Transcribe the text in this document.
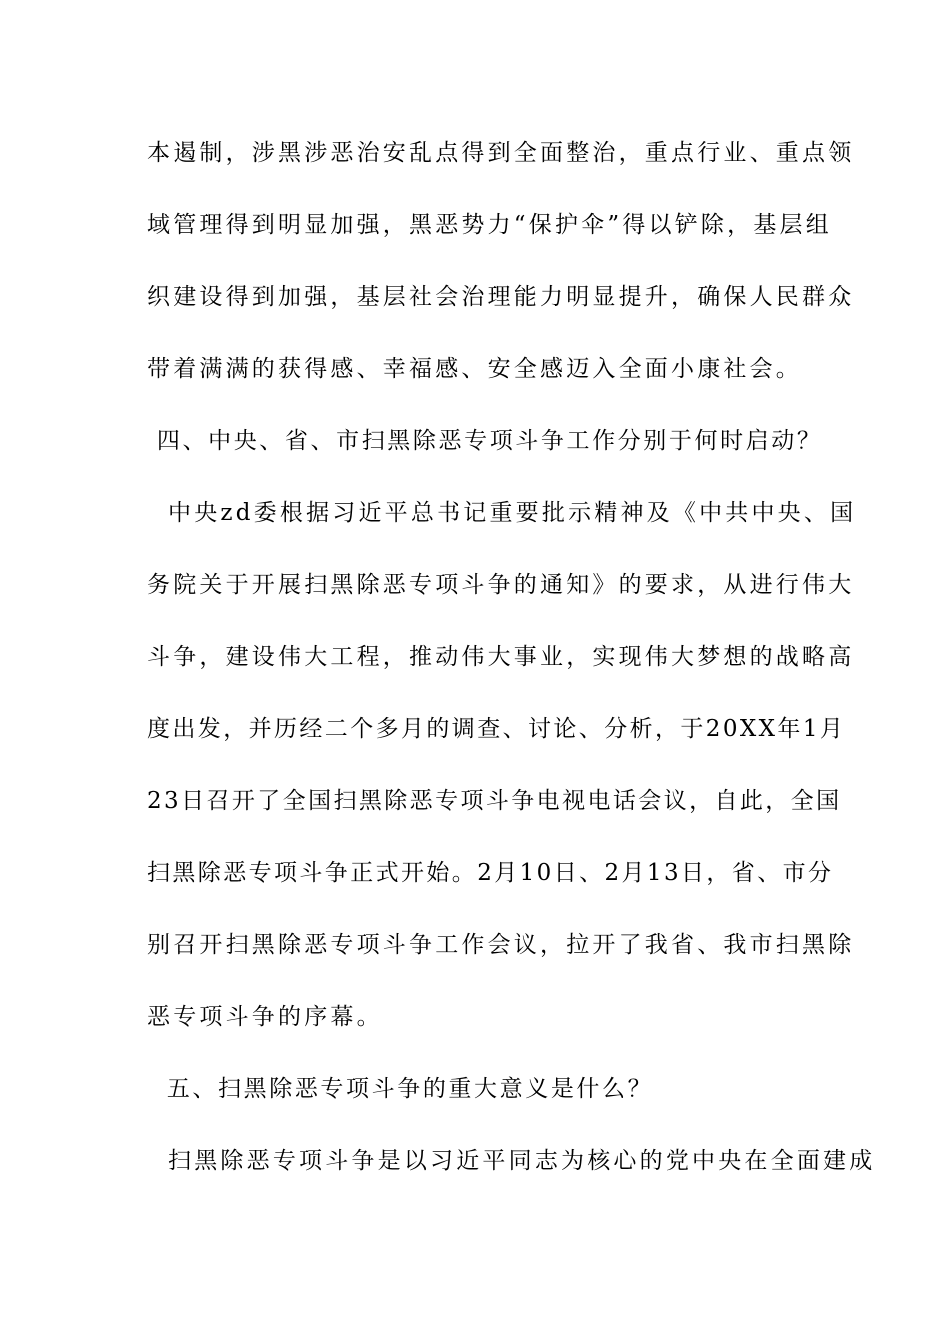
本遏制，涉黑涉恶治安乱点得到全面整治，重点行业、重点领
域管理得到明显加强，黑恶势力“保护伞”得以铲除，基层组
织建设得到加强，基层社会治理能力明显提升，确保人民群众
带着满满的获得感、幸福感、安全感迈入全面小康社会。
四、中央、省、市扫黑除恶专项斗争工作分别于何时启动？
中央zd委根据习近平总书记重要批示精神及《中共中央、国
务院关于开展扫黑除恶专项斗争的通知》的要求，从进行伟大
斗争，建设伟大工程，推动伟大事业，实现伟大梦想的战略高
度出发，并历经二个多月的调查、讨论、分析，于20XX年1月
23日召开了全国扫黑除恶专项斗争电视电话会议，自此，全国
扫黑除恶专项斗争正式开始。2月10日、2月13日，省、市分
别召开扫黑除恶专项斗争工作会议，拉开了我省、我市扫黑除
恶专项斗争的序幕。
五、扫黑除恶专项斗争的重大意义是什么？
扫黑除恶专项斗争是以习近平同志为核心的党中央在全面建成
